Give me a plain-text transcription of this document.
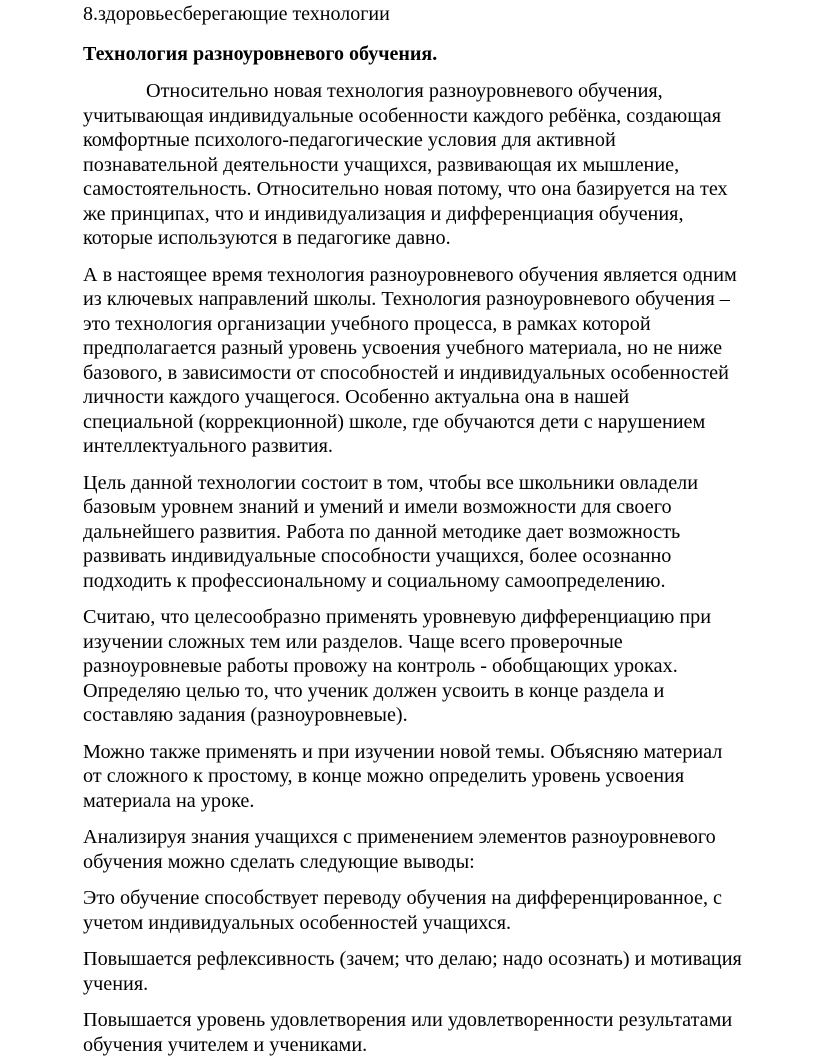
8.здоровьесберегающие технологии

Технология разноуровневого обучения.

Относительно новая технология разноуровневого обучения, учитывающая индивидуальные особенности каждого ребёнка, создающая комфортные психолого-педагогические условия для активной познавательной деятельности учащихся, развивающая их мышление, самостоятельность. Относительно новая потому, что она базируется на тех же принципах, что и индивидуализация и дифференциация обучения, которые используются в педагогике давно.

А в настоящее время технология разноуровневого обучения является одним из ключевых направлений школы. Технология разноуровневого обучения – это технология организации учебного процесса, в рамках которой предполагается разный уровень усвоения учебного материала, но не ниже базового, в зависимости от способностей и индивидуальных особенностей личности каждого учащегося. Особенно актуальна она в нашей специальной (коррекционной) школе, где обучаются дети с нарушением интеллектуального развития.

Цель данной технологии состоит в том, чтобы все школьники овладели базовым уровнем знаний и умений и имели возможности для своего дальнейшего развития. Работа по данной методике дает возможность развивать индивидуальные способности учащихся, более осознанно подходить к профессиональному и социальному самоопределению.

Считаю, что целесообразно применять уровневую дифференциацию при изучении сложных тем или разделов. Чаще всего проверочные разноуровневые работы провожу на контроль - обобщающих уроках. Определяю целью то, что ученик должен усвоить в конце раздела и составляю задания (разноуровневые).

Можно также применять и при изучении новой темы. Объясняю материал от сложного к простому, в конце можно определить уровень усвоения материала на уроке.

Анализируя знания учащихся с применением элементов разноуровневого обучения можно сделать следующие выводы:

Это обучение способствует переводу обучения на дифференцированное, с учетом индивидуальных особенностей учащихся.

Повышается рефлексивность (зачем; что делаю; надо осознать) и мотивация учения.

Повышается уровень удовлетворения или удовлетворенности результатами обучения учителем и учениками.
